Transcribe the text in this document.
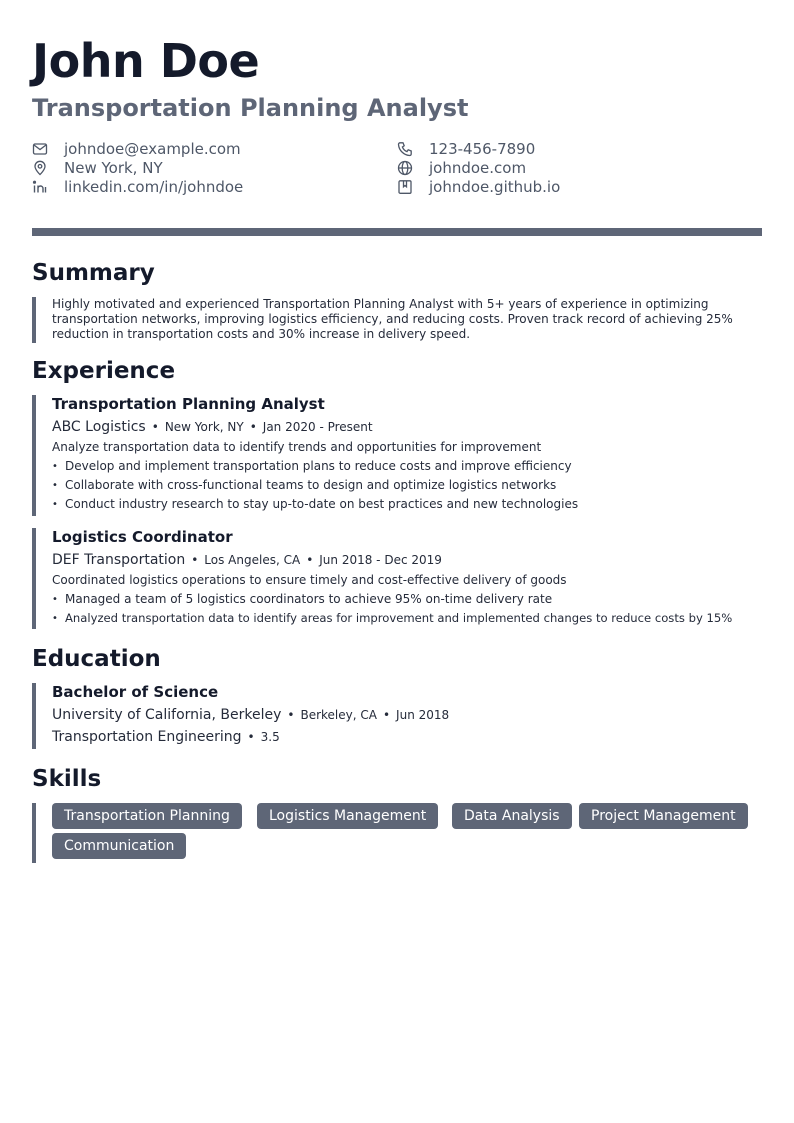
John Doe
Transportation Planning Analyst
johndoe@example.com	123-456-7890
New York, NY	johndoe.com
linkedin.com/in/johndoe	johndoe.github.io
Summary
Highly motivated and experienced Transportation Planning Analyst with 5+ years of experience in optimizing transportation networks, improving logistics efficiency, and reducing costs. Proven track record of achieving 25% reduction in transportation costs and 30% increase in delivery speed.
Experience
Transportation Planning Analyst
ABC Logistics • New York, NY • Jan 2020 - Present
Analyze transportation data to identify trends and opportunities for improvement
• Develop and implement transportation plans to reduce costs and improve efficiency
• Collaborate with cross-functional teams to design and optimize logistics networks
• Conduct industry research to stay up-to-date on best practices and new technologies
Logistics Coordinator
DEF Transportation • Los Angeles, CA • Jun 2018 - Dec 2019
Coordinated logistics operations to ensure timely and cost-effective delivery of goods
• Managed a team of 5 logistics coordinators to achieve 95% on-time delivery rate
• Analyzed transportation data to identify areas for improvement and implemented changes to reduce costs by 15%
Education
Bachelor of Science
University of California, Berkeley • Berkeley, CA • Jun 2018
Transportation Engineering • 3.5
Skills
Transportation Planning	Logistics Management	Data Analysis	Project Management
Communication
